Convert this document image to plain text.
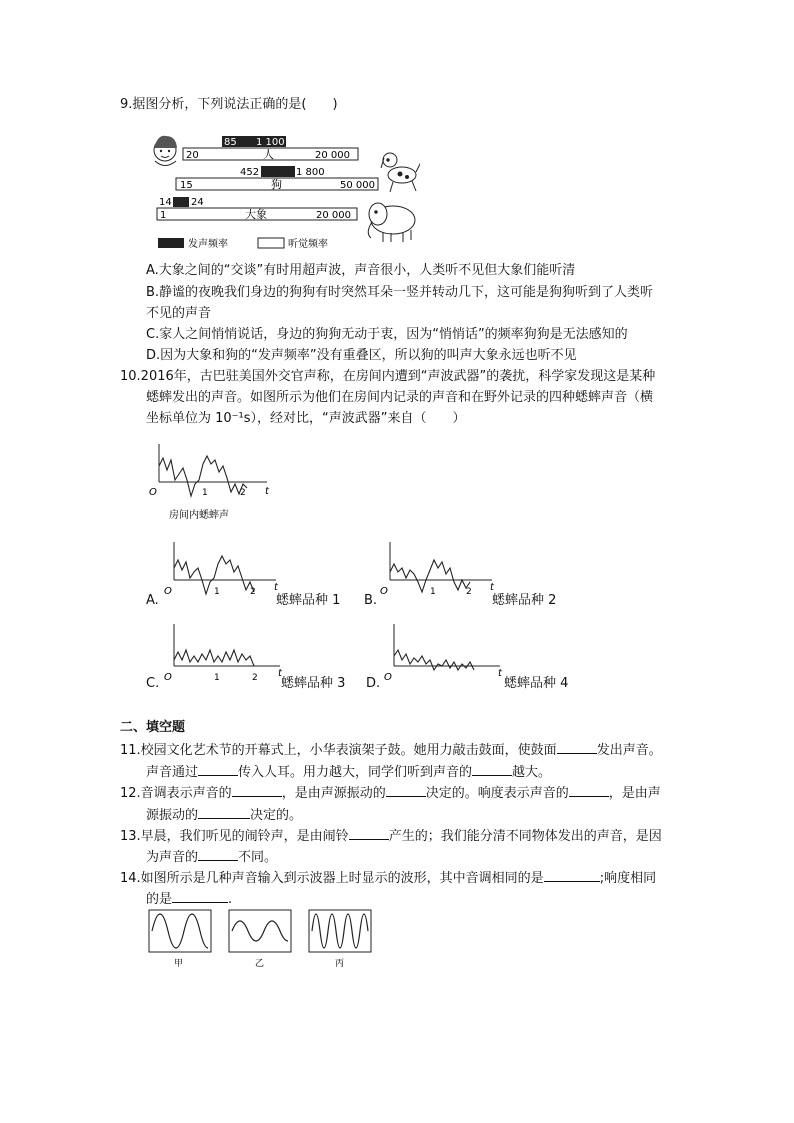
9.据图分析，下列说法正确的是(　　)
85 1 100
20	人	20 000
452	1 800
15	狗	50 000
14 24
1	大象	20 000
发声频率	听觉频率
A.大象之间的“交谈”有时用超声波，声音很小，人类听不见但大象们能听清
B.静谧的夜晚我们身边的狗狗有时突然耳朵一竖并转动几下，这可能是狗狗听到了人类听
不见的声音
C.家人之间悄悄说话，身边的狗狗无动于衷，因为“悄悄话”的频率狗狗是无法感知的
D.因为大象和狗的“发声频率”没有重叠区，所以狗的叫声大象永远也听不见
10.2016年，古巴驻美国外交官声称，在房间内遭到“声波武器”的袭扰，科学家发现这是某种
蟋蟀发出的声音。如图所示为他们在房间内记录的声音和在野外记录的四种蟋蟀声音（横
坐标单位为 10⁻¹s），经对比，“声波武器”来自（　　）
O	t
1	2
房间内蟋蟀声
A.
O	t
1	2
蟋蟀品种 1 B.
O	t
1	2
蟋蟀品种 2
C. O	t
1	2 蟋蟀品种 3 D. O	t
蟋蟀品种 4
二、填空题
11.校园文化艺术节的开幕式上，小华表演架子鼓。她用力敲击鼓面，使鼓面	发出声音。
声音通过	传入人耳。用力越大，同学们听到声音的	越大。
12.音调表示声音的	，是由声源振动的	决定的。响度表示声音的	，是由声
源振动的	决定的。
13.早晨，我们听见的闹铃声，是由闹铃	产生的；我们能分清不同物体发出的声音，是因
为声音的	不同。
14.如图所示是几种声音输入到示波器上时显示的波形，其中音调相同的是	;响度相同
的是	.
甲	乙	丙
